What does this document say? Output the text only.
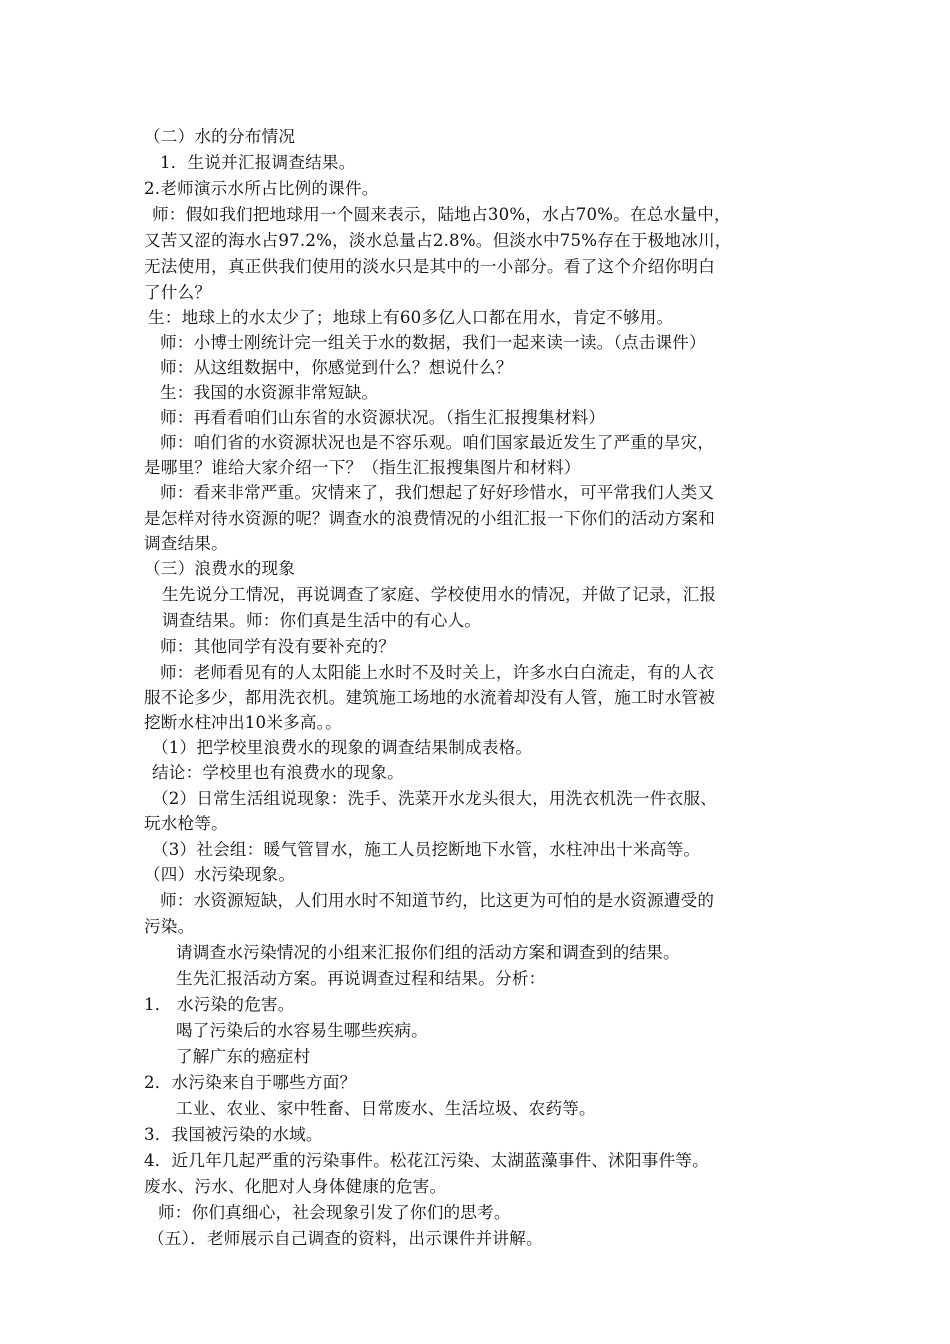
（二）水的分布情况
1．生说并汇报调查结果。
2.老师演示水所占比例的课件。
师：假如我们把地球用一个圆来表示，陆地占30%，水占70%。在总水量中，
又苦又涩的海水占97.2%，淡水总量占2.8%。但淡水中75%存在于极地冰川，
无法使用，真正供我们使用的淡水只是其中的一小部分。看了这个介绍你明白
了什么？
生：地球上的水太少了；地球上有60多亿人口都在用水，肯定不够用。
师：小博士刚统计完一组关于水的数据，我们一起来读一读。（点击课件）
师：从这组数据中，你感觉到什么？想说什么？
生：我国的水资源非常短缺。
师：再看看咱们山东省的水资源状况。（指生汇报搜集材料）
师：咱们省的水资源状况也是不容乐观。咱们国家最近发生了严重的旱灾，
是哪里？谁给大家介绍一下？（指生汇报搜集图片和材料）
师：看来非常严重。灾情来了，我们想起了好好珍惜水，可平常我们人类又
是怎样对待水资源的呢？调查水的浪费情况的小组汇报一下你们的活动方案和
调查结果。
（三）浪费水的现象
生先说分工情况，再说调查了家庭、学校使用水的情况，并做了记录，汇报
调查结果。师：你们真是生活中的有心人。
师：其他同学有没有要补充的？
师：老师看见有的人太阳能上水时不及时关上，许多水白白流走，有的人衣
服不论多少，都用洗衣机。建筑施工场地的水流着却没有人管，施工时水管被
挖断水柱冲出10米多高。。
（1）把学校里浪费水的现象的调查结果制成表格。
结论：学校里也有浪费水的现象。
（2）日常生活组说现象：洗手、洗菜开水龙头很大，用洗衣机洗一件衣服、
玩水枪等。
（3）社会组：暖气管冒水，施工人员挖断地下水管，水柱冲出十米高等。
（四）水污染现象。
师：水资源短缺，人们用水时不知道节约，比这更为可怕的是水资源遭受的
污染。
请调查水污染情况的小组来汇报你们组的活动方案和调查到的结果。
生先汇报活动方案。再说调查过程和结果。分析：
1． 水污染的危害。
喝了污染后的水容易生哪些疾病。
了解广东的癌症村
2．水污染来自于哪些方面？
工业、农业、家中牲畜、日常废水、生活垃圾、农药等。
3．我国被污染的水域。
4．近几年几起严重的污染事件。松花江污染、太湖蓝藻事件、沭阳事件等。
废水、污水、化肥对人身体健康的危害。
师：你们真细心，社会现象引发了你们的思考。
（五）．老师展示自己调查的资料，出示课件并讲解。
